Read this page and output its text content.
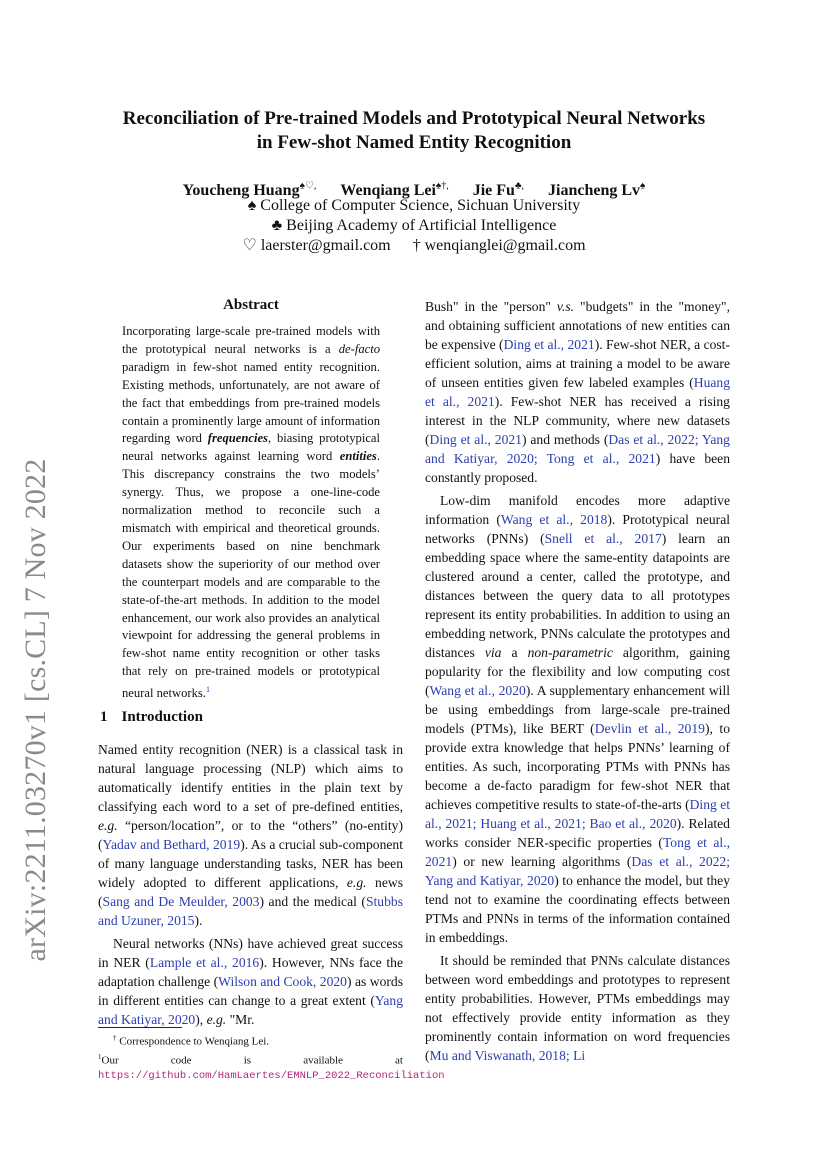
arXiv:2211.03270v1 [cs.CL] 7 Nov 2022
Reconciliation of Pre-trained Models and Prototypical Neural Networks
in Few-shot Named Entity Recognition
Youcheng Huang♠♡, Wenqiang Lei♠†, Jie Fu♣, Jiancheng Lv♠
♠ College of Computer Science, Sichuan University
♣ Beijing Academy of Artificial Intelligence
♡ laerster@gmail.com † wenqianglei@gmail.com
Abstract
Incorporating large-scale pre-trained models with the prototypical neural networks is a de-facto paradigm in few-shot named entity recognition. Existing methods, unfortunately, are not aware of the fact that embeddings from pre-trained models contain a prominently large amount of information regarding word frequencies, biasing prototypical neural networks against learning word entities. This discrepancy constrains the two models’ synergy. Thus, we propose a one-line-code normalization method to reconcile such a mismatch with empirical and theoretical grounds. Our experiments based on nine benchmark datasets show the superiority of our method over the counterpart models and are comparable to the state-of-the-art methods. In addition to the model enhancement, our work also provides an analytical viewpoint for addressing the general problems in few-shot name entity recognition or other tasks that rely on pre-trained models or prototypical neural networks.$^1$
1 Introduction

Named entity recognition (NER) is a classical task in natural language processing (NLP) which aims to automatically identify entities in the plain text by classifying each word to a set of pre-defined entities, e.g. “person/location”, or to the “others” (no-entity) (Yadav and Bethard, 2019). As a crucial sub-component of many language understanding tasks, NER has been widely adopted to different applications, e.g. news (Sang and De Meulder, 2003) and the medical (Stubbs and Uzuner, 2015).

Neural networks (NNs) have achieved great success in NER (Lample et al., 2016). However, NNs face the adaptation challenge (Wilson and Cook, 2020) as words in different entities can change to a great extent (Yang and Katiyar, 2020), e.g. "Mr.

† Correspondence to Wenqiang Lei.

$^1$Our code is available at https://github.com/HamLaertes/EMNLP_2022_Reconciliation

Bush" in the "person" v.s. "budgets" in the "money", and obtaining sufficient annotations of new entities can be expensive (Ding et al., 2021). Few-shot NER, a cost-efficient solution, aims at training a model to be aware of unseen entities given few labeled examples (Huang et al., 2021). Few-shot NER has received a rising interest in the NLP community, where new datasets (Ding et al., 2021) and methods (Das et al., 2022; Yang and Katiyar, 2020; Tong et al., 2021) have been constantly proposed.

Low-dim manifold encodes more adaptive information (Wang et al., 2018). Prototypical neural networks (PNNs) (Snell et al., 2017) learn an embedding space where the same-entity datapoints are clustered around a center, called the prototype, and distances between the query data to all prototypes represent its entity probabilities. In addition to using an embedding network, PNNs calculate the prototypes and distances via a non-parametric algorithm, gaining popularity for the flexibility and low computing cost (Wang et al., 2020). A supplementary enhancement will be using embeddings from large-scale pre-trained models (PTMs), like BERT (Devlin et al., 2019), to provide extra knowledge that helps PNNs’ learning of entities. As such, incorporating PTMs with PNNs has become a de-facto paradigm for few-shot NER that achieves competitive results to state-of-the-arts (Ding et al., 2021; Huang et al., 2021; Bao et al., 2020). Related works consider NER-specific properties (Tong et al., 2021) or new learning algorithms (Das et al., 2022; Yang and Katiyar, 2020) to enhance the model, but they tend not to examine the coordinating effects between PTMs and PNNs in terms of the information contained in embeddings.

It should be reminded that PNNs calculate distances between word embeddings and prototypes to represent entity probabilities. However, PTMs embeddings may not effectively provide entity information as they prominently contain information on word frequencies (Mu and Viswanath, 2018; Li
